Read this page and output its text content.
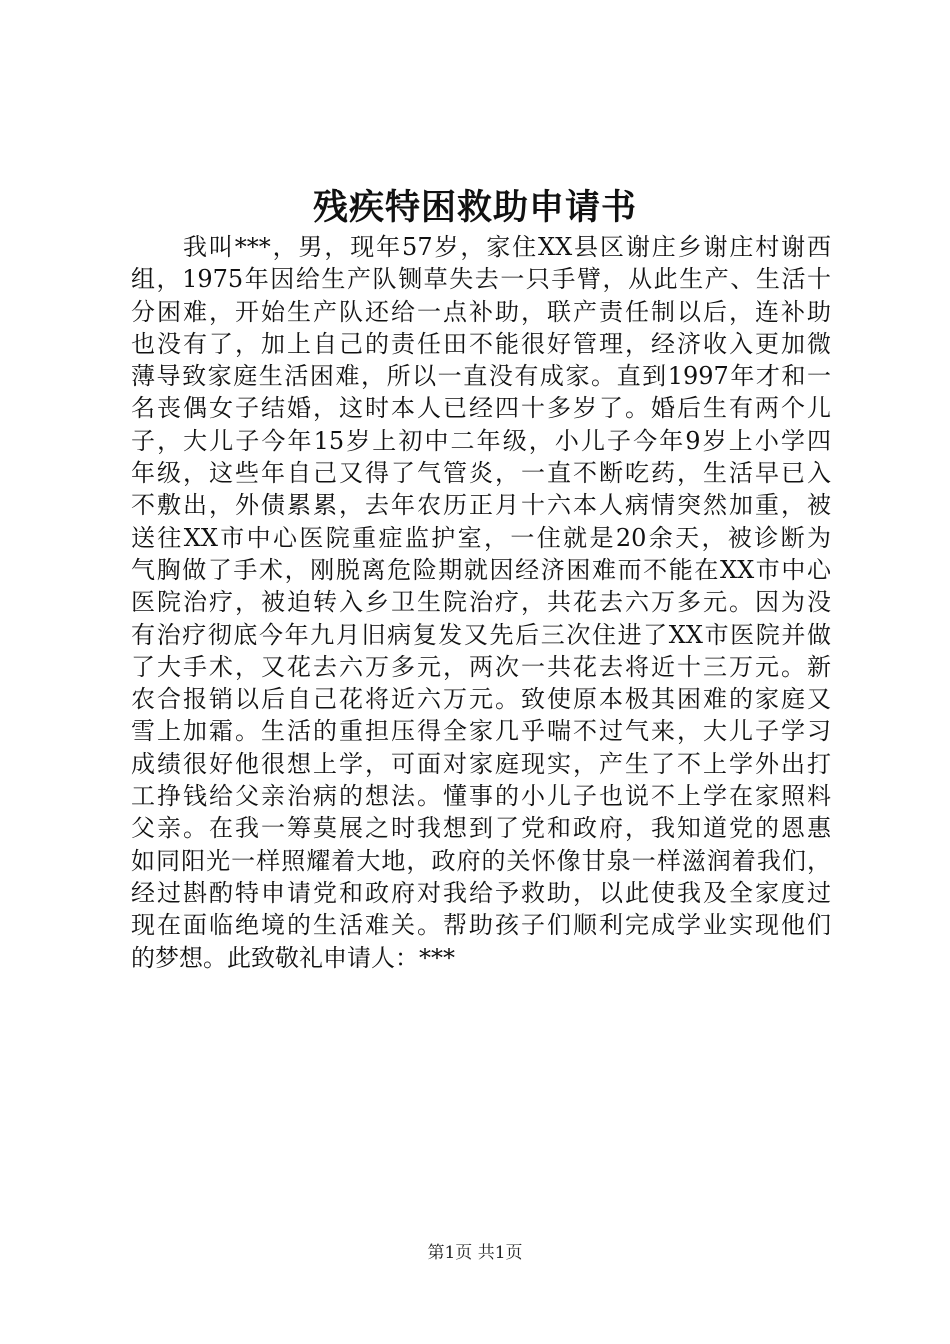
残疾特困救助申请书
我叫***，男，现年57岁，家住XX县区谢庄乡谢庄村谢西
组，1975年因给生产队铡草失去一只手臂，从此生产、生活十
分困难，开始生产队还给一点补助，联产责任制以后，连补助
也没有了，加上自己的责任田不能很好管理，经济收入更加微
薄导致家庭生活困难，所以一直没有成家。直到1997年才和一
名丧偶女子结婚，这时本人已经四十多岁了。婚后生有两个儿
子，大儿子今年15岁上初中二年级，小儿子今年9岁上小学四
年级，这些年自己又得了气管炎，一直不断吃药，生活早已入
不敷出，外债累累，去年农历正月十六本人病情突然加重，被
送往XX市中心医院重症监护室，一住就是20余天，被诊断为
气胸做了手术，刚脱离危险期就因经济困难而不能在XX市中心
医院治疗，被迫转入乡卫生院治疗，共花去六万多元。因为没
有治疗彻底今年九月旧病复发又先后三次住进了XX市医院并做
了大手术，又花去六万多元，两次一共花去将近十三万元。新
农合报销以后自己花将近六万元。致使原本极其困难的家庭又
雪上加霜。生活的重担压得全家几乎喘不过气来，大儿子学习
成绩很好他很想上学，可面对家庭现实，产生了不上学外出打
工挣钱给父亲治病的想法。懂事的小儿子也说不上学在家照料
父亲。在我一筹莫展之时我想到了党和政府，我知道党的恩惠
如同阳光一样照耀着大地，政府的关怀像甘泉一样滋润着我们，
经过斟酌特申请党和政府对我给予救助，以此使我及全家度过
现在面临绝境的生活难关。帮助孩子们顺利完成学业实现他们
的梦想。此致敬礼申请人：***
第1页 共1页
